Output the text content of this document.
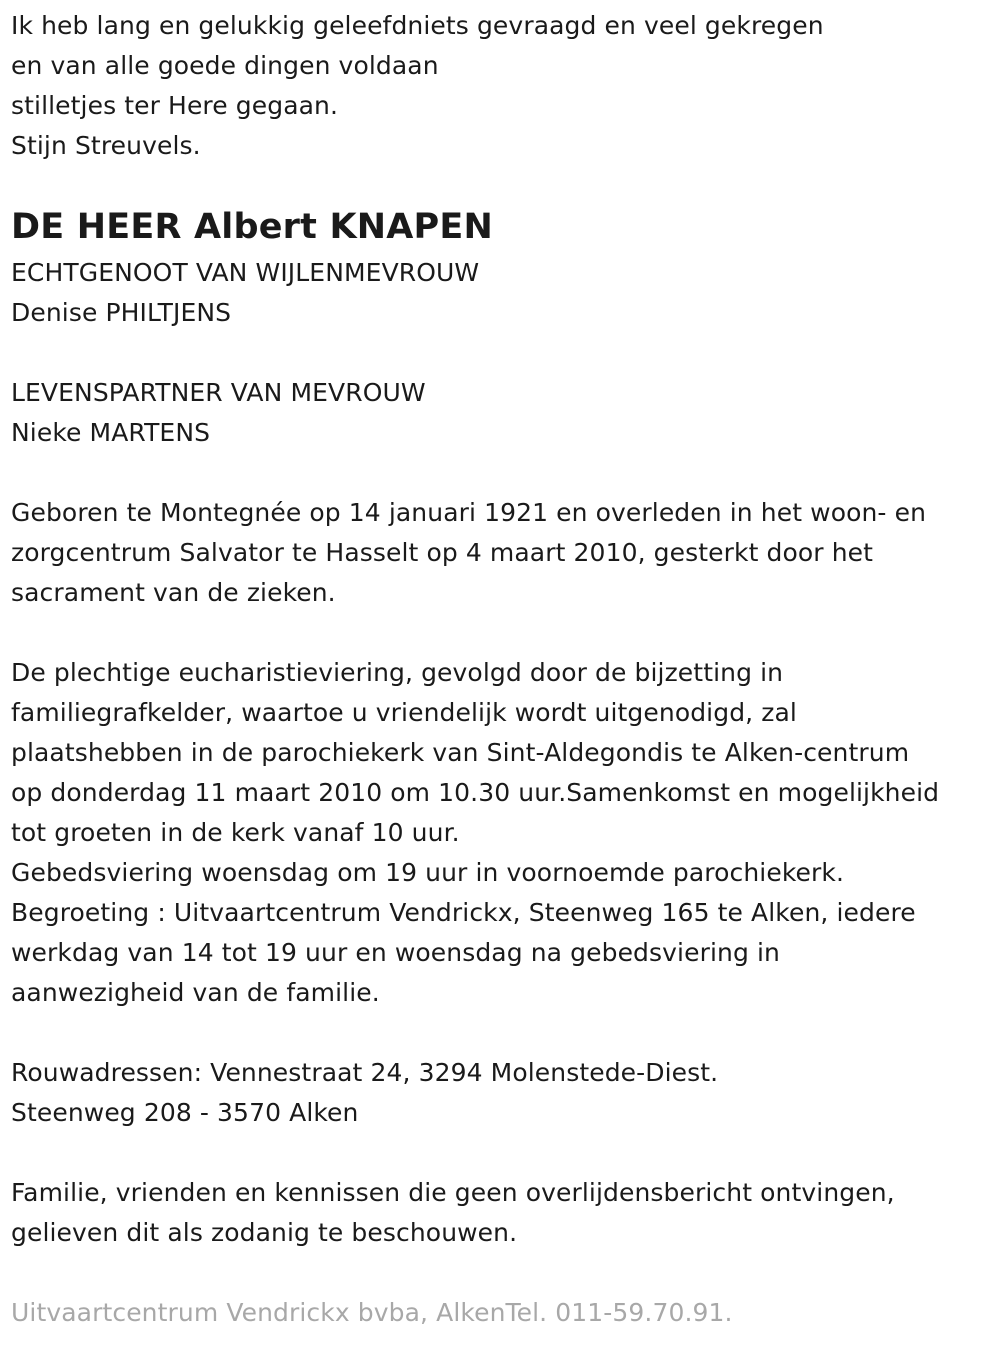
Ik heb lang en gelukkig geleefdniets gevraagd en veel gekregen
en van alle goede dingen voldaan
stilletjes ter Here gegaan.
Stijn Streuvels.
DE HEER Albert KNAPEN
ECHTGENOOT VAN WIJLENMEVROUW
Denise PHILTJENS
LEVENSPARTNER VAN MEVROUW
Nieke MARTENS
Geboren te Montegnée op 14 januari 1921 en overleden in het woon- en
zorgcentrum Salvator te Hasselt op 4 maart 2010, gesterkt door het
sacrament van de zieken.
De plechtige eucharistieviering, gevolgd door de bijzetting in
familiegrafkelder, waartoe u vriendelijk wordt uitgenodigd, zal
plaatshebben in de parochiekerk van Sint-Aldegondis te Alken-centrum
op donderdag 11 maart 2010 om 10.30 uur.Samenkomst en mogelijkheid
tot groeten in de kerk vanaf 10 uur.
Gebedsviering woensdag om 19 uur in voornoemde parochiekerk.
Begroeting : Uitvaartcentrum Vendrickx, Steenweg 165 te Alken, iedere
werkdag van 14 tot 19 uur en woensdag na gebedsviering in
aanwezigheid van de familie.
Rouwadressen: Vennestraat 24, 3294 Molenstede-Diest.
Steenweg 208 - 3570 Alken
Familie, vrienden en kennissen die geen overlijdensbericht ontvingen,
gelieven dit als zodanig te beschouwen.
Uitvaartcentrum Vendrickx bvba, AlkenTel. 011-59.70.91.
